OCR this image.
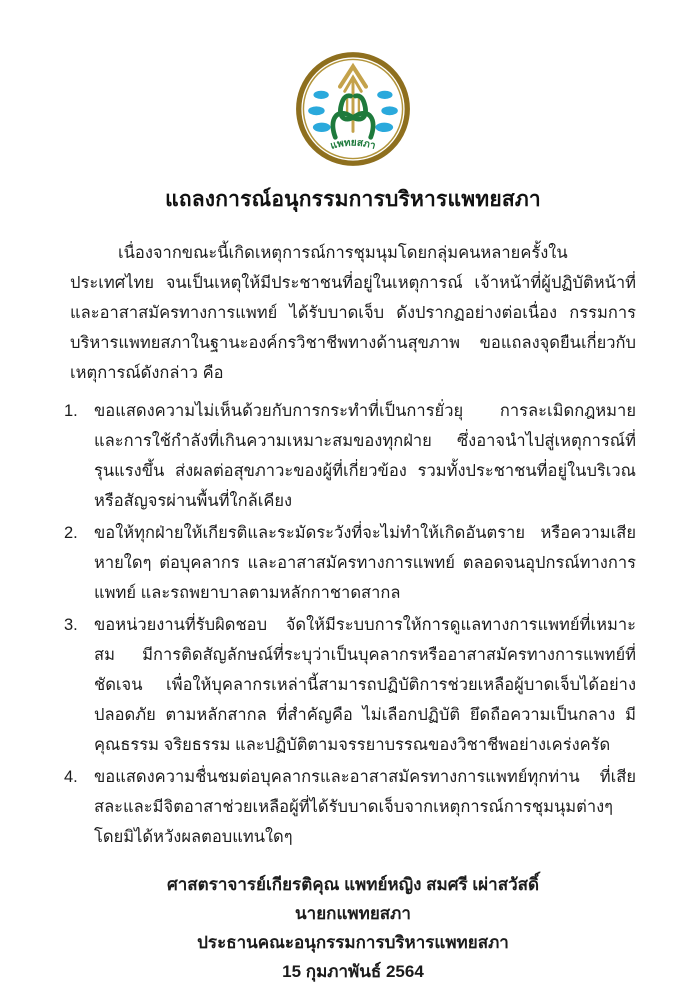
แพทยสภา
แถลงการณ์อนุกรรมการบริหารแพทยสภา

เนื่องจากขณะนี้เกิดเหตุการณ์การชุมนุมโดยกลุ่มคนหลายครั้งในประเทศไทย จนเป็นเหตุให้มีประชาชนที่อยู่ในเหตุการณ์ เจ้าหน้าที่ผู้ปฏิบัติหน้าที่ และอาสาสมัครทางการแพทย์ ได้รับบาดเจ็บ ดังปรากฏอย่างต่อเนื่อง กรรมการบริหารแพทยสภาในฐานะองค์กรวิชาชีพทางด้านสุขภาพ ขอแถลงจุดยืนเกี่ยวกับเหตุการณ์ดังกล่าว คือ

1. ขอแสดงความไม่เห็นด้วยกับการกระทำที่เป็นการยั่วยุ การละเมิดกฎหมาย และการใช้กำลังที่เกินความเหมาะสมของทุกฝ่าย ซึ่งอาจนำไปสู่เหตุการณ์ที่รุนแรงขึ้น ส่งผลต่อสุขภาวะของผู้ที่เกี่ยวข้อง รวมทั้งประชาชนที่อยู่ในบริเวณ หรือสัญจรผ่านพื้นที่ใกล้เคียง
2. ขอให้ทุกฝ่ายให้เกียรติและระมัดระวังที่จะไม่ทำให้เกิดอันตราย หรือความเสียหายใดๆ ต่อบุคลากร และอาสาสมัครทางการแพทย์ ตลอดจนอุปกรณ์ทางการแพทย์ และรถพยาบาลตามหลักกาชาดสากล
3. ขอหน่วยงานที่รับผิดชอบ จัดให้มีระบบการให้การดูแลทางการแพทย์ที่เหมาะสม มีการติดสัญลักษณ์ที่ระบุว่าเป็นบุคลากรหรืออาสาสมัครทางการแพทย์ที่ชัดเจน เพื่อให้บุคลากรเหล่านี้สามารถปฏิบัติการช่วยเหลือผู้บาดเจ็บได้อย่างปลอดภัย ตามหลักสากล ที่สำคัญคือ ไม่เลือกปฏิบัติ ยึดถือความเป็นกลาง มีคุณธรรม จริยธรรม และปฏิบัติตามจรรยาบรรณของวิชาชีพอย่างเคร่งครัด
4. ขอแสดงความชื่นชมต่อบุคลากรและอาสาสมัครทางการแพทย์ทุกท่าน ที่เสียสละและมีจิตอาสาช่วยเหลือผู้ที่ได้รับบาดเจ็บจากเหตุการณ์การชุมนุมต่างๆ โดยมิได้หวังผลตอบแทนใดๆ
ศาสตราจารย์เกียรติคุณ แพทย์หญิง สมศรี เผ่าสวัสดิ์
นายกแพทยสภา
ประธานคณะอนุกรรมการบริหารแพทยสภา
15 กุมภาพันธ์ 2564
